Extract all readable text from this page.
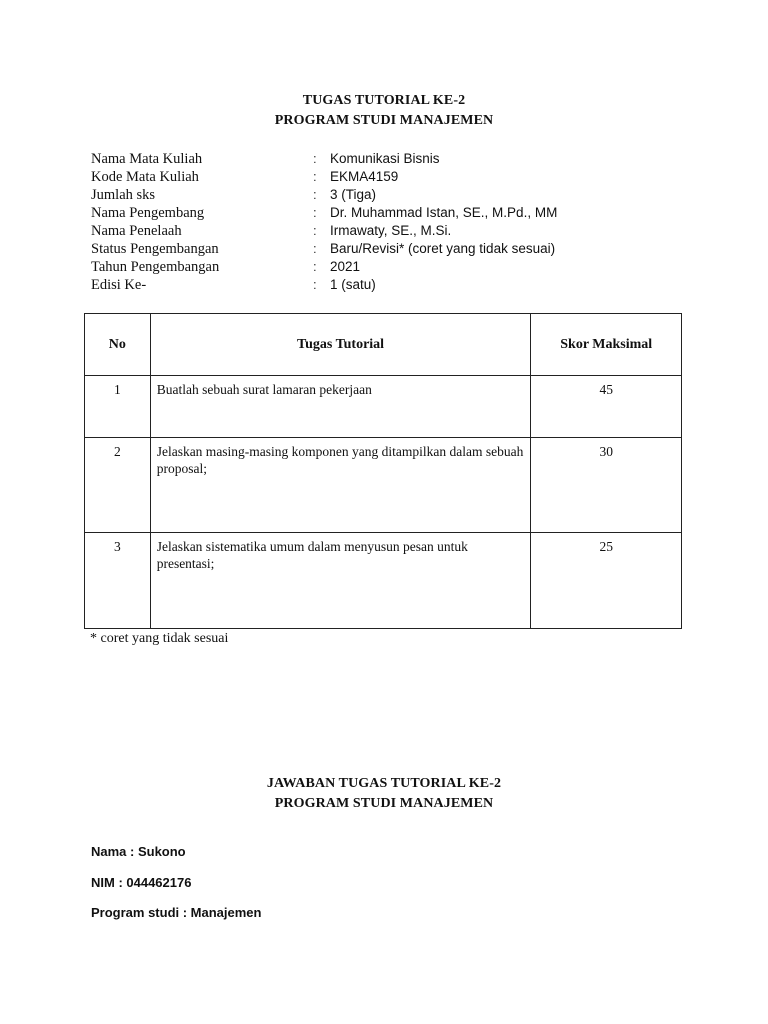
TUGAS TUTORIAL KE-2
PROGRAM STUDI MANAJEMEN
Nama Mata Kuliah	: Komunikasi Bisnis
Kode Mata Kuliah	: EKMA4159
Jumlah sks	: 3 (Tiga)
Nama Pengembang	: Dr. Muhammad Istan, SE., M.Pd., MM
Nama Penelaah	: Irmawaty, SE., M.Si.
Status Pengembangan	: Baru/Revisi* (coret yang tidak sesuai)
Tahun Pengembangan	: 2021
Edisi Ke-	: 1 (satu)
No	Tugas Tutorial	Skor Maksimal
1	Buatlah sebuah surat lamaran pekerjaan	45
2	Jelaskan masing-masing komponen yang ditampilkan dalam sebuah proposal;	30
3	Jelaskan sistematika umum dalam menyusun pesan untuk presentasi;	25
* coret yang tidak sesuai
JAWABAN TUGAS TUTORIAL KE-2
PROGRAM STUDI MANAJEMEN
Nama : Sukono
NIM : 044462176
Program studi : Manajemen
